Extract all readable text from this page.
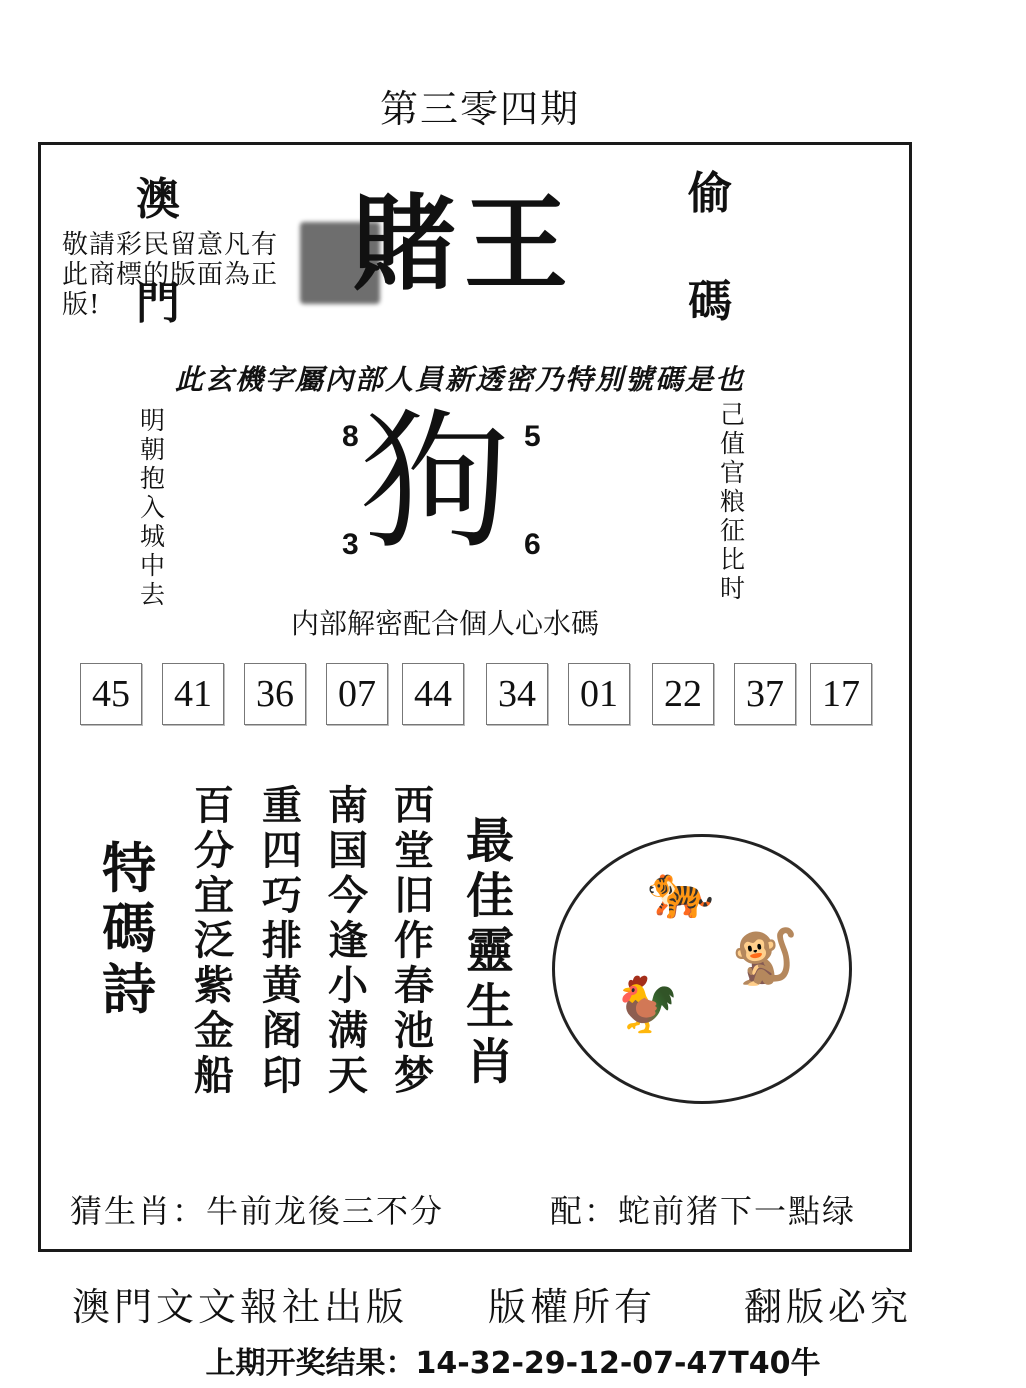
第三零四期
澳
門
偷
碼
敬請彩民留意凡有此商標的版面為正版!	賭王
此玄機字屬內部人員新透密乃特別號碼是也
明
朝
抱
入
城
中
去
己
值
官
粮
征
比
时
狗
8	5
3	6
内部解密配合個人心水碼
45	41	36	07	44	34	01	22	37	17
特
碼
詩
百
分
宜
泛
紫
金
船
重
四
巧
排
黄
阁
印
南
国
今
逢
小
满
天
西
堂
旧
作
春
池
梦
最
佳
靈
生
肖
🐅
🐒
🐓
猜生肖：牛前龙後三不分	配：蛇前猪下一點绿
澳門文文報社出版 版權所有 翻版必究
上期开奖结果：14-32-29-12-07-47T40牛
